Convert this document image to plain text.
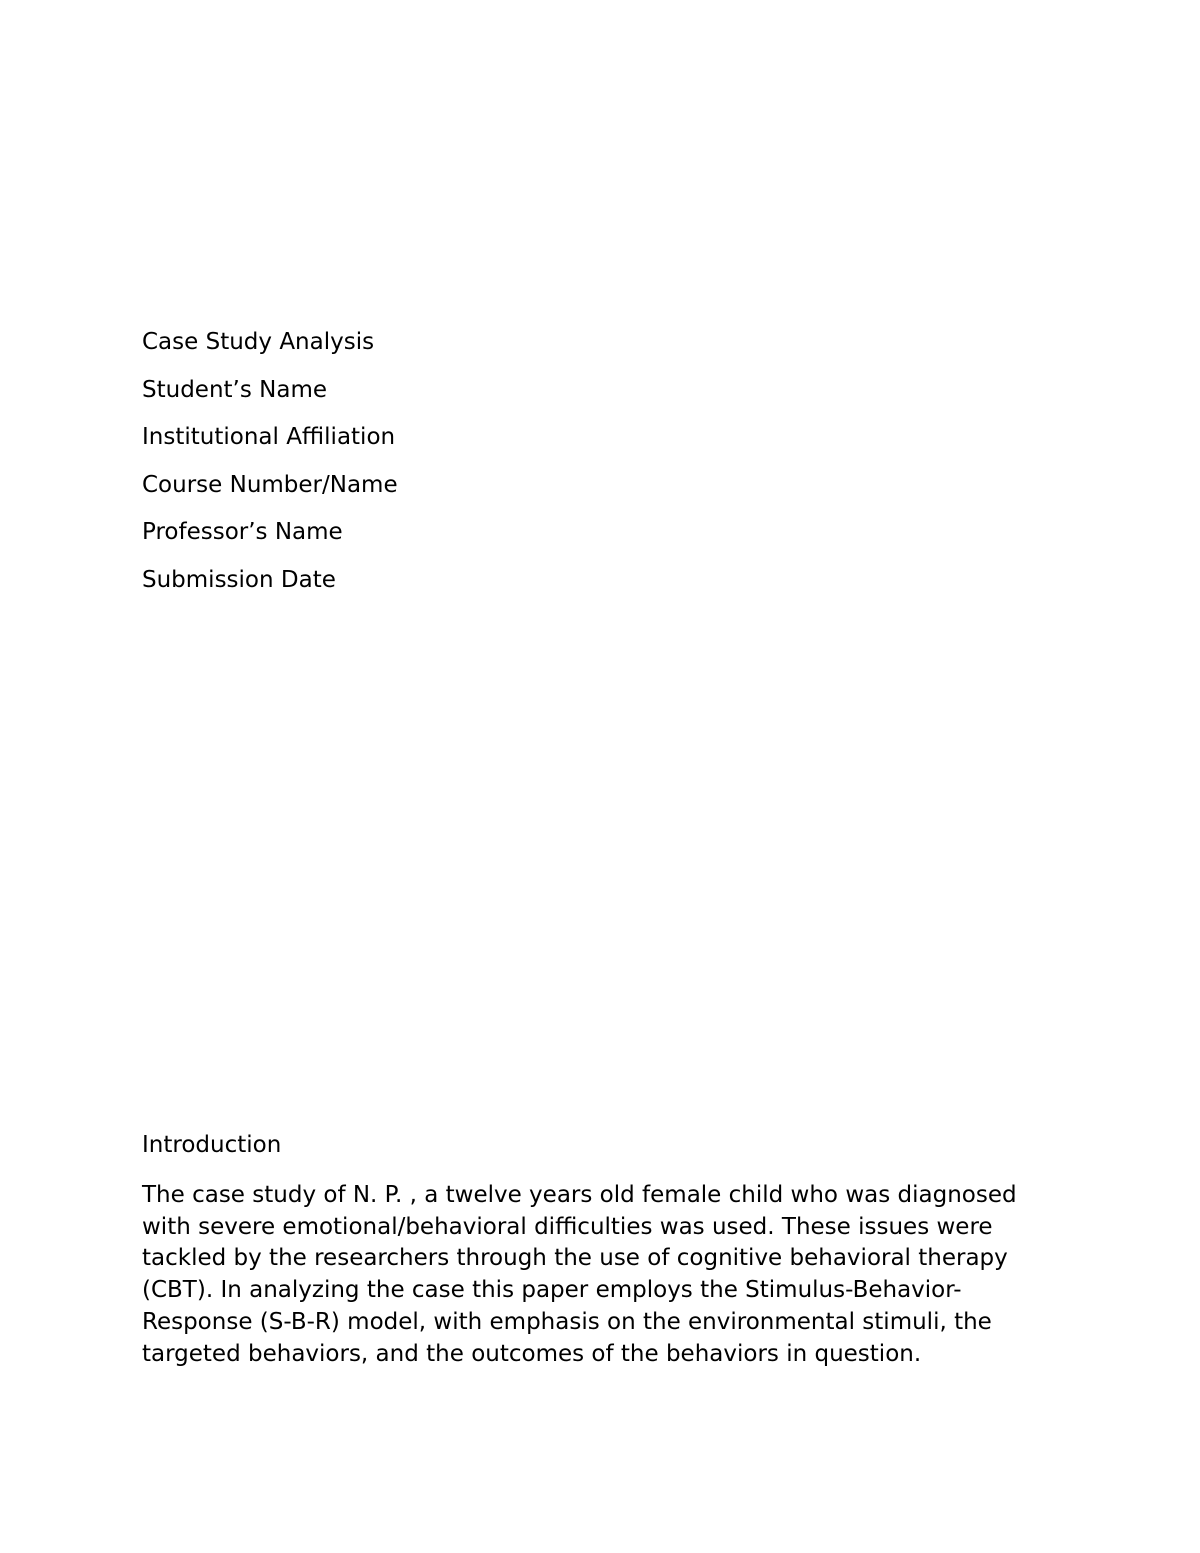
Case Study Analysis
Student’s Name
Institutional Affiliation
Course Number/Name
Professor’s Name
Submission Date
Introduction
The case study of N. P. , a twelve years old female child who was diagnosed
with severe emotional/behavioral difficulties was used. These issues were
tackled by the researchers through the use of cognitive behavioral therapy
(CBT). In analyzing the case this paper employs the Stimulus-Behavior-
Response (S-B-R) model, with emphasis on the environmental stimuli, the
targeted behaviors, and the outcomes of the behaviors in question.
